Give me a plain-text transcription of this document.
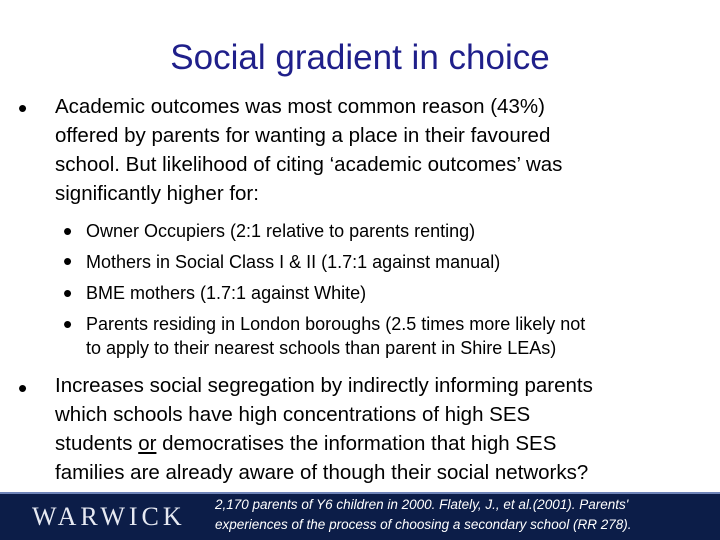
Social gradient in choice
• Academic outcomes was most common reason (43%)
offered by parents for wanting a place in their favoured
school. But likelihood of citing ‘academic outcomes’ was
significantly higher for:
•
•
•
•
Owner Occupiers (2:1 relative to parents renting)
Mothers in Social Class I & II (1.7:1 against manual)
BME mothers (1.7:1 against White)
Parents residing in London boroughs (2.5 times more likely not
to apply to their nearest schools than parent in Shire LEAs)
• Increases social segregation by indirectly informing parents
which schools have high concentrations of high SES
students or democratises the information that high SES
families are already aware of though their social networks?
WARWICK 2,170 parents of Y6 children in 2000. Flately, J., et al.(2001). Parents'
experiences of the process of choosing a secondary school (RR 278).
